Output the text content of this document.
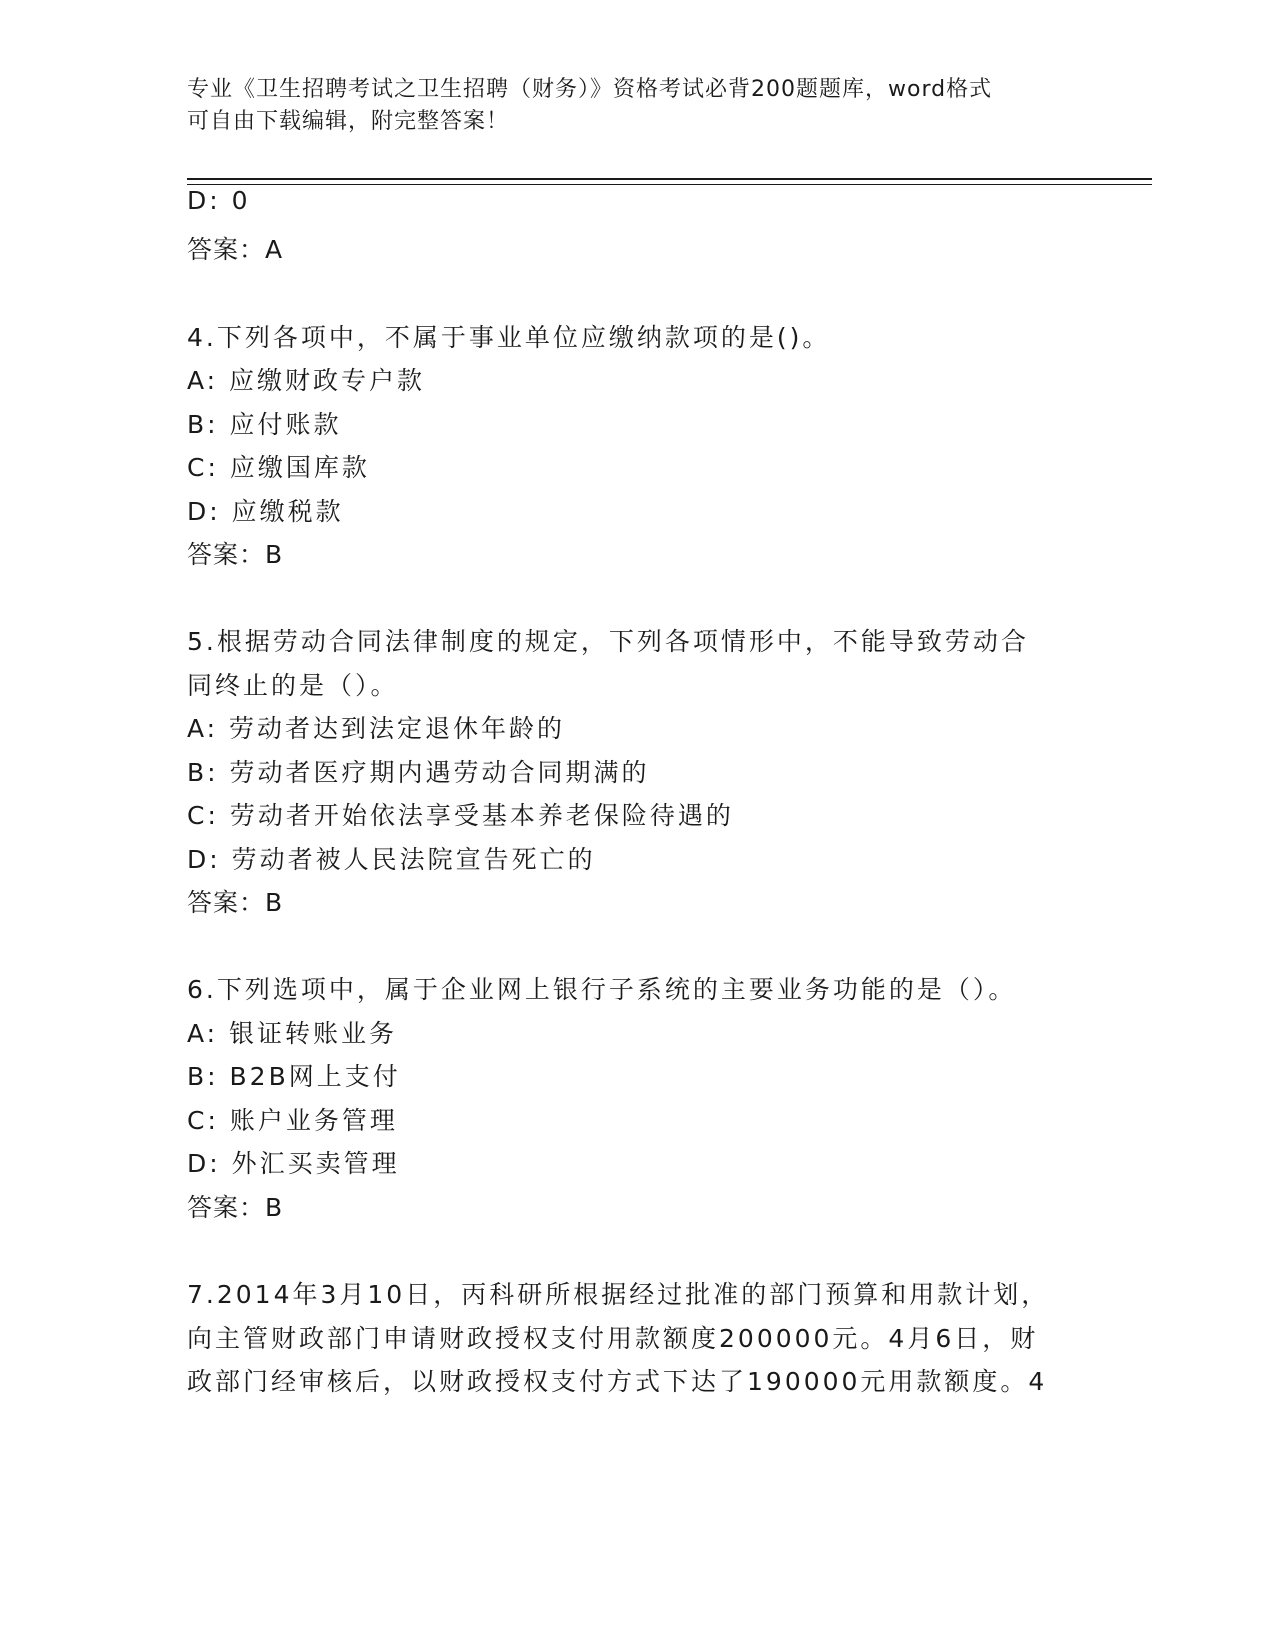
专业《卫生招聘考试之卫生招聘（财务）》资格考试必背200题题库，word格式
可自由下载编辑，附完整答案！
D: 0
答案：A
4.下列各项中，不属于事业单位应缴纳款项的是()。
A: 应缴财政专户款
B: 应付账款
C: 应缴国库款
D: 应缴税款
答案：B
5.根据劳动合同法律制度的规定，下列各项情形中，不能导致劳动合
同终止的是（）。
A: 劳动者达到法定退休年龄的
B: 劳动者医疗期内遇劳动合同期满的
C: 劳动者开始依法享受基本养老保险待遇的
D: 劳动者被人民法院宣告死亡的
答案：B
6.下列选项中，属于企业网上银行子系统的主要业务功能的是（）。
A: 银证转账业务
B: B2B网上支付
C: 账户业务管理
D: 外汇买卖管理
答案：B
7.2014年3月10日，丙科研所根据经过批准的部门预算和用款计划，
向主管财政部门申请财政授权支付用款额度200000元。4月6日，财
政部门经审核后，以财政授权支付方式下达了190000元用款额度。4
